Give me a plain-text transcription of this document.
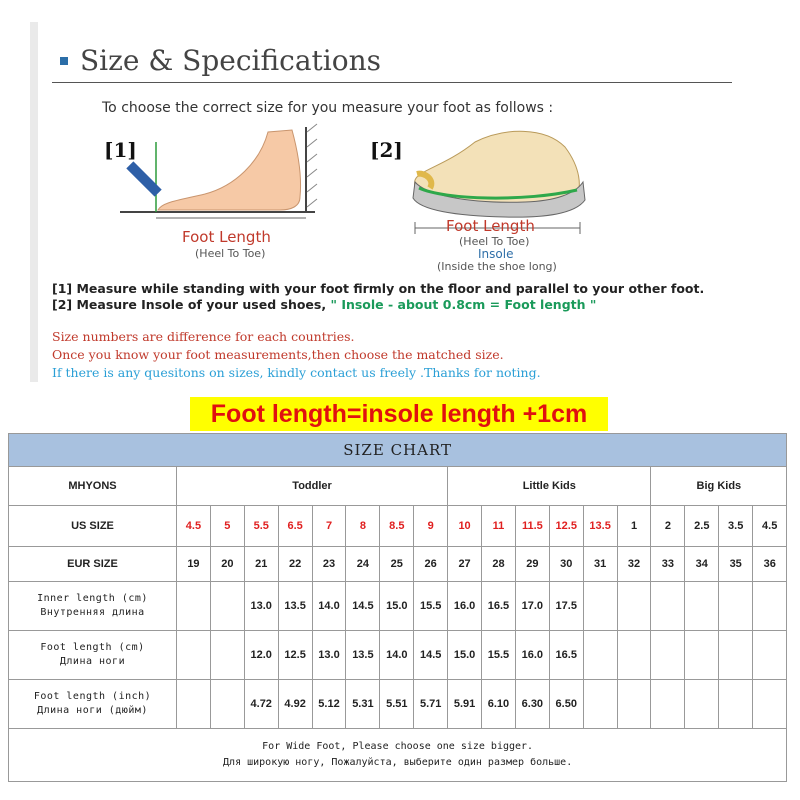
Size & Specifications
To choose the correct size for you measure your foot as follows :
[1]	[2]
Foot Length
(Heel To Toe)
Foot Length
(Heel To Toe)
Insole
(Inside the shoe long)
[1] Measure while standing with your foot firmly on the floor and parallel to your other foot.
[2] Measure Insole of your used shoes, " Insole - about 0.8cm = Foot length "
Size numbers are difference for each countries.
Once you know your foot measurements,then choose the matched size.
If there is any quesitons on sizes, kindly contact us freely .Thanks for noting.
Foot length=insole length +1cm
SIZE CHART																		
MHYONS	Toddler								Little Kids						Big Kids			
US SIZE	4.5	5	5.5	6.5	7	8	8.5	9	10	11	11.5	12.5	13.5	1	2	2.5	3.5	4.5
EUR SIZE	19	20	21	22	23	24	25	26	27	28	29	30	31	32	33	34	35	36
Inner length (cm)
Внутренняя длина			13.0	13.5	14.0	14.5	15.0	15.5	16.0	16.5	17.0	17.5						
Foot length (cm)
Длина ноги			12.0	12.5	13.0	13.5	14.0	14.5	15.0	15.5	16.0	16.5						
Foot length (inch)
Длина ноги (дюйм)			4.72	4.92	5.12	5.31	5.51	5.71	5.91	6.10	6.30	6.50						
For Wide Foot, Please choose one size bigger.
Для широкую ногу, Пожалуйста, выберите один размер больше.																		
